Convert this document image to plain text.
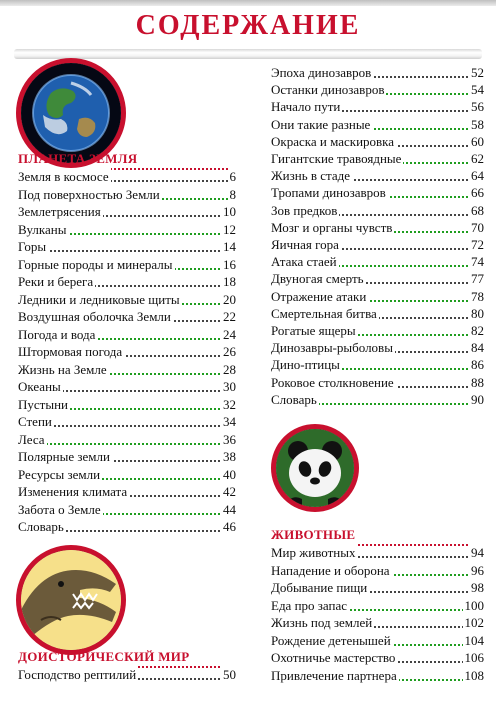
СОДЕРЖАНИЕ
ПЛАНЕТА ЗЕМЛЯ
Земля в космосе	6
Под поверхностью Земли	8
Землетрясения	10
Вулканы	12
Горы	14
Горные породы и минералы	16
Реки и берега	18
Ледники и ледниковые щиты	20
Воздушная оболочка Земли	22
Погода и вода	24
Штормовая погода	26
Жизнь на Земле	28
Океаны	30
Пустыни	32
Степи	34
Леса	36
Полярные земли	38
Ресурсы земли	40
Изменения климата	42
Забота о Земле	44
Словарь	46
ДОИСТОРИЧЕСКИЙ МИР
Господство рептилий	50
Эпоха динозавров	52
Останки динозавров	54
Начало пути	56
Они такие разные	58
Окраска и маскировка	60
Гигантские травоядные	62
Жизнь в стаде	64
Тропами динозавров	66
Зов предков	68
Мозг и органы чувств	70
Яичная гора	72
Атака стаей	74
Двуногая смерть	77
Отражение атаки	78
Смертельная битва	80
Рогатые ящеры	82
Динозавры-рыболовы	84
Дино-птицы	86
Роковое столкновение	88
Словарь	90
ЖИВОТНЫЕ
Мир животных	94
Нападение и оборона	96
Добывание пищи	98
Еда про запас	100
Жизнь под землей	102
Рождение детенышей	104
Охотничье мастерство	106
Привлечение партнера	108
